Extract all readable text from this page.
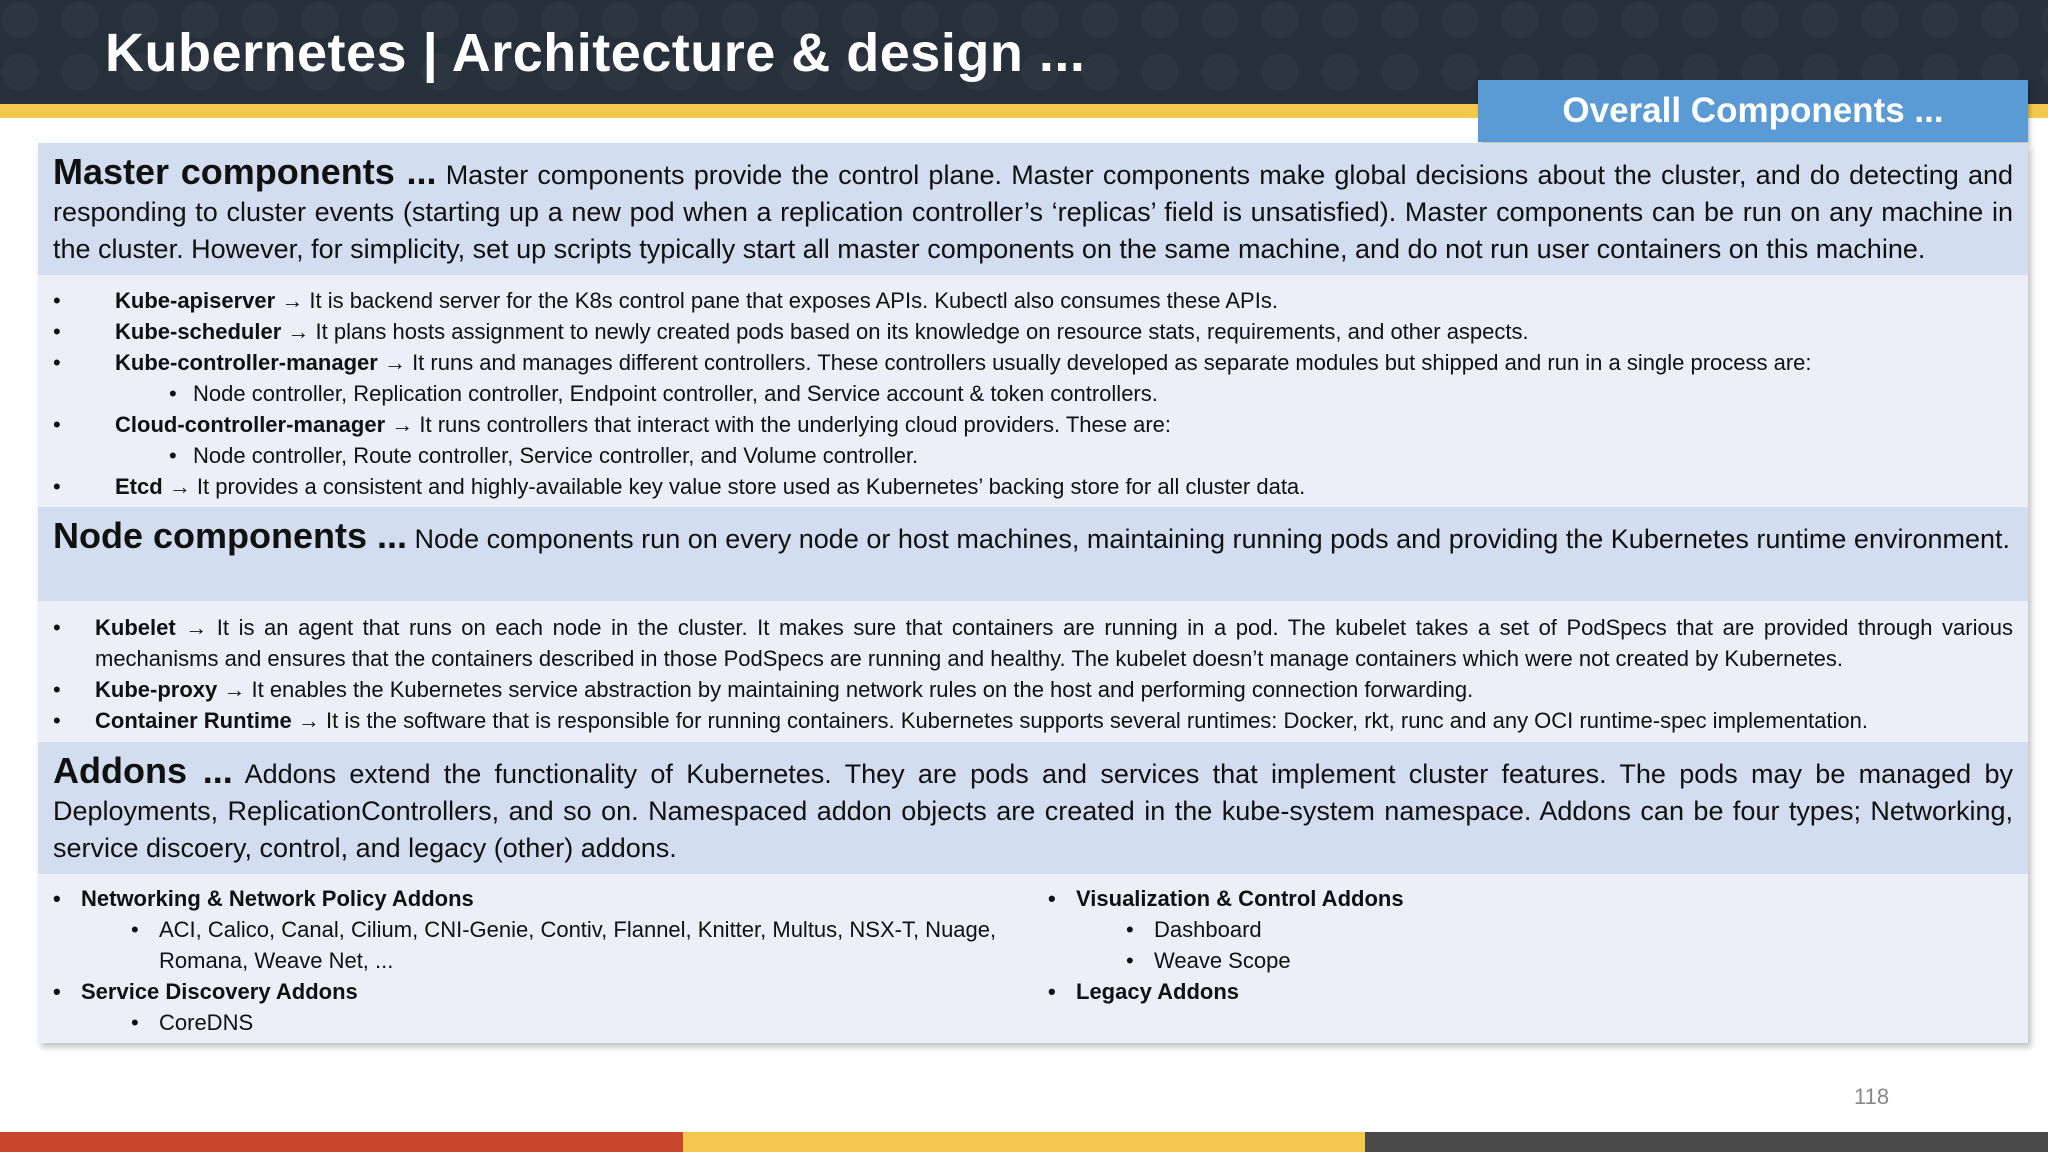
Kubernetes | Architecture & design ...
Overall Components ...
Master components ... Master components provide the control plane. Master components make global decisions about the cluster, and do detecting and responding to cluster events (starting up a new pod when a replication controller’s ‘replicas’ field is unsatisfied). Master components can be run on any machine in the cluster. However, for simplicity, set up scripts typically start all master components on the same machine, and do not run user containers on this machine.
• Kube-apiserver → It is backend server for the K8s control pane that exposes APIs. Kubectl also consumes these APIs.
• Kube-scheduler → It plans hosts assignment to newly created pods based on its knowledge on resource stats, requirements, and other aspects.
• Kube-controller-manager → It runs and manages different controllers. These controllers usually developed as separate modules but shipped and run in a single process are:
• Node controller, Replication controller, Endpoint controller, and Service account & token controllers.
• Cloud-controller-manager → It runs controllers that interact with the underlying cloud providers. These are:
• Node controller, Route controller, Service controller, and Volume controller.
• Etcd → It provides a consistent and highly-available key value store used as Kubernetes’ backing store for all cluster data.
Node components ... Node components run on every node or host machines, maintaining running pods and providing the Kubernetes runtime environment.
• Kubelet → It is an agent that runs on each node in the cluster. It makes sure that containers are running in a pod. The kubelet takes a set of PodSpecs that are provided through various mechanisms and ensures that the containers described in those PodSpecs are running and healthy. The kubelet doesn’t manage containers which were not created by Kubernetes.
• Kube-proxy → It enables the Kubernetes service abstraction by maintaining network rules on the host and performing connection forwarding.
• Container Runtime → It is the software that is responsible for running containers. Kubernetes supports several runtimes: Docker, rkt, runc and any OCI runtime-spec implementation.
Addons ... Addons extend the functionality of Kubernetes. They are pods and services that implement cluster features. The pods may be managed by Deployments, ReplicationControllers, and so on. Namespaced addon objects are created in the kube-system namespace. Addons can be four types; Networking, service discoery, control, and legacy (other) addons.
• Networking & Network Policy Addons
• ACI, Calico, Canal, Cilium, CNI-Genie, Contiv, Flannel, Knitter, Multus, NSX-T, Nuage, Romana, Weave Net, ...
• Service Discovery Addons
• CoreDNS
• Visualization & Control Addons
• Dashboard
• Weave Scope
• Legacy Addons
118
